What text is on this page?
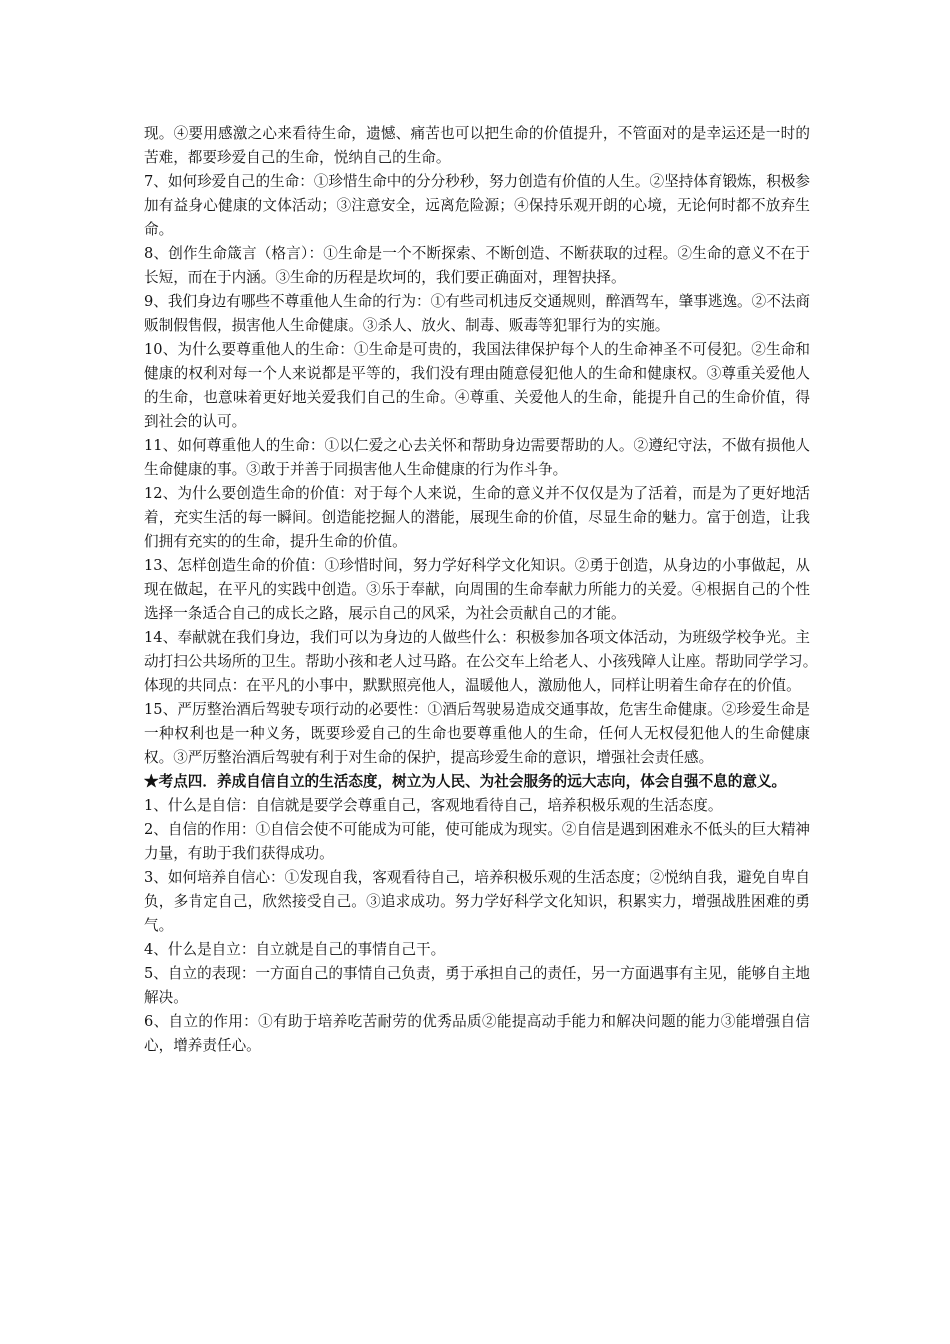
现。④要用感激之心来看待生命，遗憾、痛苦也可以把生命的价值提升，不管面对的是幸运还是一时的苦难，都要珍爱自己的生命，悦纳自己的生命。

7、如何珍爱自己的生命：①珍惜生命中的分分秒秒，努力创造有价值的人生。②坚持体育锻炼，积极参加有益身心健康的文体活动；③注意安全，远离危险源；④保持乐观开朗的心境，无论何时都不放弃生命。

8、创作生命箴言（格言）：①生命是一个不断探索、不断创造、不断获取的过程。②生命的意义不在于长短，而在于内涵。③生命的历程是坎坷的，我们要正确面对，理智抉择。

9、我们身边有哪些不尊重他人生命的行为：①有些司机违反交通规则，醉酒驾车，肇事逃逸。②不法商贩制假售假，损害他人生命健康。③杀人、放火、制毒、贩毒等犯罪行为的实施。

10、为什么要尊重他人的生命：①生命是可贵的，我国法律保护每个人的生命神圣不可侵犯。②生命和健康的权利对每一个人来说都是平等的，我们没有理由随意侵犯他人的生命和健康权。③尊重关爱他人的生命，也意味着更好地关爱我们自己的生命。④尊重、关爱他人的生命，能提升自己的生命价值，得到社会的认可。

11、如何尊重他人的生命：①以仁爱之心去关怀和帮助身边需要帮助的人。②遵纪守法，不做有损他人生命健康的事。③敢于并善于同损害他人生命健康的行为作斗争。

12、为什么要创造生命的价值：对于每个人来说，生命的意义并不仅仅是为了活着，而是为了更好地活着，充实生活的每一瞬间。创造能挖掘人的潜能，展现生命的价值，尽显生命的魅力。富于创造，让我们拥有充实的的生命，提升生命的价值。

13、怎样创造生命的价值：①珍惜时间，努力学好科学文化知识。②勇于创造，从身边的小事做起，从现在做起，在平凡的实践中创造。③乐于奉献，向周围的生命奉献力所能力的关爱。④根据自己的个性选择一条适合自己的成长之路，展示自己的风采，为社会贡献自己的才能。

14、奉献就在我们身边，我们可以为身边的人做些什么：积极参加各项文体活动，为班级学校争光。主动打扫公共场所的卫生。帮助小孩和老人过马路。在公交车上给老人、小孩残障人让座。帮助同学学习。　　体现的共同点：在平凡的小事中，默默照亮他人，温暖他人，激励他人，同样让明着生命存在的价值。

15、严厉整治酒后驾驶专项行动的必要性：①酒后驾驶易造成交通事故，危害生命健康。②珍爱生命是一种权利也是一种义务，既要珍爱自己的生命也要尊重他人的生命，任何人无权侵犯他人的生命健康权。③严厉整治酒后驾驶有利于对生命的保护，提高珍爱生命的意识，增强社会责任感。

★考点四．养成自信自立的生活态度，树立为人民、为社会服务的远大志向，体会自强不息的意义。

1、什么是自信：自信就是要学会尊重自己，客观地看待自己，培养积极乐观的生活态度。

2、自信的作用：①自信会使不可能成为可能，使可能成为现实。②自信是遇到困难永不低头的巨大精神力量，有助于我们获得成功。

3、如何培养自信心：①发现自我，客观看待自己，培养积极乐观的生活态度；②悦纳自我，避免自卑自负，多肯定自己，欣然接受自己。③追求成功。努力学好科学文化知识，积累实力，增强战胜困难的勇气。

4、什么是自立：自立就是自己的事情自己干。

5、自立的表现：一方面自己的事情自己负责，勇于承担自己的责任，另一方面遇事有主见，能够自主地解决。

6、自立的作用：①有助于培养吃苦耐劳的优秀品质②能提高动手能力和解决问题的能力③能增强自信心，增养责任心。
